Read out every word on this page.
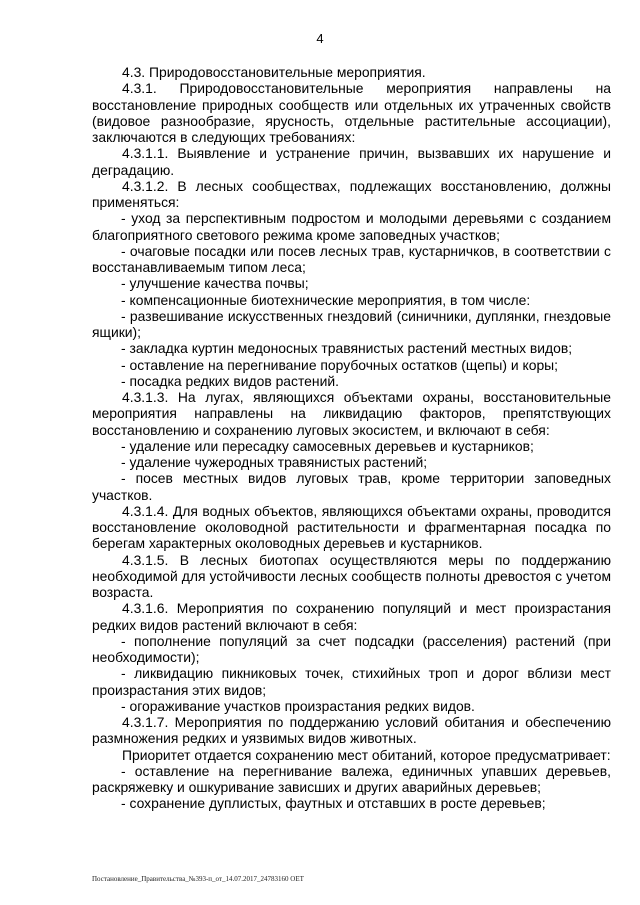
4

4.3. Природовосстановительные мероприятия.

4.3.1. Природовосстановительные мероприятия направлены на восстановление природных сообществ или отдельных их утраченных свойств (видовое разнообразие, ярусность, отдельные растительные ассоциации), заключаются в следующих требованиях:

4.3.1.1. Выявление и устранение причин, вызвавших их нарушение и деградацию.

4.3.1.2. В лесных сообществах, подлежащих восстановлению, должны применяться:

- уход за перспективным подростом и молодыми деревьями с созданием благоприятного светового режима кроме заповедных участков;

- очаговые посадки или посев лесных трав, кустарничков, в соответствии с восстанавливаемым типом леса;

- улучшение качества почвы;

- компенсационные биотехнические мероприятия, в том числе:

- развешивание искусственных гнездовий (синичники, дуплянки, гнездовые ящики);

- закладка куртин медоносных травянистых растений местных видов;

- оставление на перегнивание порубочных остатков (щепы) и коры;

- посадка редких видов растений.

4.3.1.3. На лугах, являющихся объектами охраны, восстановительные мероприятия направлены на ликвидацию факторов, препятствующих восстановлению и сохранению луговых экосистем, и включают в себя:

- удаление или пересадку самосевных деревьев и кустарников;

- удаление чужеродных травянистых растений;

- посев местных видов луговых трав, кроме территории заповедных участков.

4.3.1.4. Для водных объектов, являющихся объектами охраны, проводится восстановление околоводной растительности и фрагментарная посадка по берегам характерных околоводных деревьев и кустарников.

4.3.1.5. В лесных биотопах осуществляются меры по поддержанию необходимой для устойчивости лесных сообществ полноты древостоя с учетом возраста.

4.3.1.6. Мероприятия по сохранению популяций и мест произрастания редких видов растений включают в себя:

- пополнение популяций за счет подсадки (расселения) растений (при необходимости);

- ликвидацию пикниковых точек, стихийных троп и дорог вблизи мест произрастания этих видов;

- огораживание участков произрастания редких видов.

4.3.1.7. Мероприятия по поддержанию условий обитания и обеспечению размножения редких и уязвимых видов животных.

Приоритет отдается сохранению мест обитаний, которое предусматривает:

- оставление на перегнивание валежа, единичных упавших деревьев, раскряжевку и ошкуривание зависших и других аварийных деревьев;

- сохранение дуплистых, фаутных и отставших в росте деревьев;

Постановление_Правительства_№393-п_от_14.07.2017_24783160 ОЕТ
